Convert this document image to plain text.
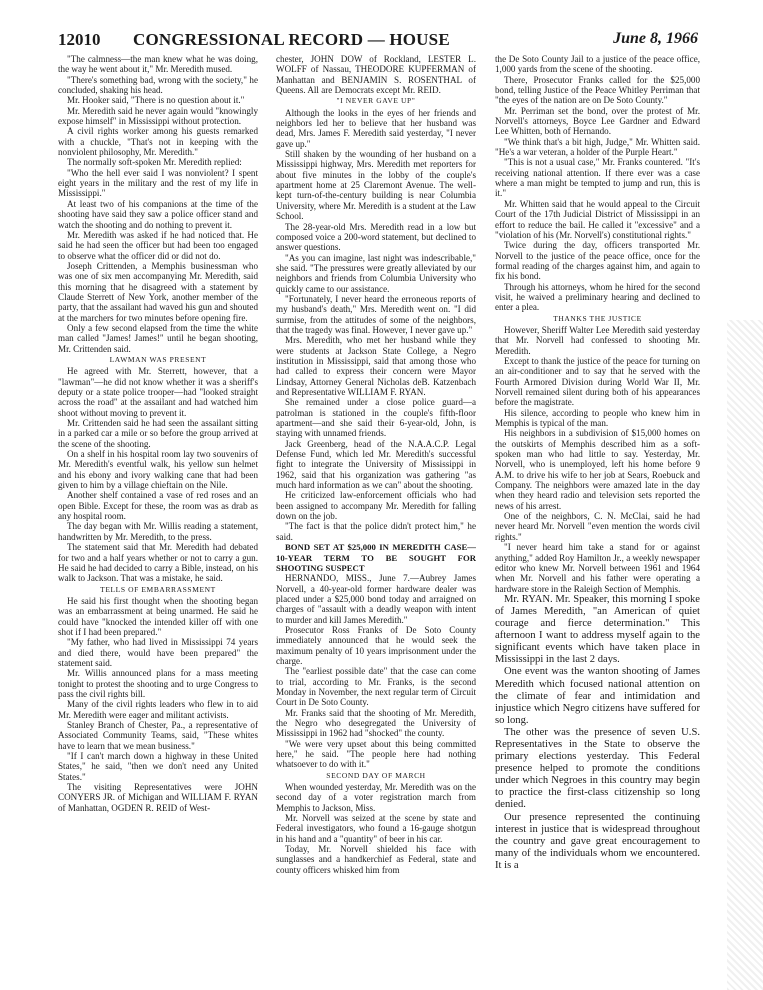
12010 CONGRESSIONAL RECORD — HOUSE	June 8, 1966

"The calmness—the man knew what he was doing, the way he went about it," Mr. Meredith mused.

"There's something bad, wrong with the society," he concluded, shaking his head.

Mr. Hooker said, "There is no question about it."

Mr. Meredith said he never again would "knowingly expose himself" in Mississippi without protection.

A civil rights worker among his guests remarked with a chuckle, "That's not in keeping with the nonviolent philosophy, Mr. Meredith."

The normally soft-spoken Mr. Meredith replied:

"Who the hell ever said I was nonviolent? I spent eight years in the military and the rest of my life in Mississippi."

At least two of his companions at the time of the shooting have said they saw a police officer stand and watch the shooting and do nothing to prevent it.

Mr. Meredith was asked if he had noticed that. He said he had seen the officer but had been too engaged to observe what the officer did or did not do.

Joseph Crittenden, a Memphis businessman who was one of six men accompanying Mr. Meredith, said this morning that he disagreed with a statement by Claude Sterrett of New York, another member of the party, that the assailant had waved his gun and shouted at the marchers for two minutes before opening fire.

Only a few second elapsed from the time the white man called "James! James!" until he began shooting, Mr. Crittenden said.

LAWMAN WAS PRESENT

He agreed with Mr. Sterrett, however, that a "lawman"—he did not know whether it was a sheriff's deputy or a state police trooper—had "looked straight across the road" at the assailant and had watched him shoot without moving to prevent it.

Mr. Crittenden said he had seen the assailant sitting in a parked car a mile or so before the group arrived at the scene of the shooting.

On a shelf in his hospital room lay two souvenirs of Mr. Meredith's eventful walk, his yellow sun helmet and his ebony and ivory walking cane that had been given to him by a village chieftain on the Nile.

Another shelf contained a vase of red roses and an open Bible. Except for these, the room was as drab as any hospital room.

The day began with Mr. Willis reading a statement, handwritten by Mr. Meredith, to the press.

The statement said that Mr. Meredith had debated for two and a half years whether or not to carry a gun. He said he had decided to carry a Bible, instead, on his walk to Jackson. That was a mistake, he said.

TELLS OF EMBARRASSMENT

He said his first thought when the shooting began was an embarrassment at being unarmed. He said he could have "knocked the intended killer off with one shot if I had been prepared."

"My father, who had lived in Mississippi 74 years and died there, would have been prepared" the statement said.

Mr. Willis announced plans for a mass meeting tonight to protest the shooting and to urge Congress to pass the civil rights bill.

Many of the civil rights leaders who flew in to aid Mr. Meredith were eager and militant activists.

Stanley Branch of Chester, Pa., a representative of Associated Community Teams, said, "These whites have to learn that we mean business."

"If I can't march down a highway in these United States," he said, "then we don't need any United States."

The visiting Representatives were JOHN CONYERS JR. of Michigan and WILLIAM F. RYAN of Manhattan, OGDEN R. REID of West-

chester, JOHN DOW of Rockland, LESTER L. WOLFF of Nassau, THEODORE KUPFERMAN of Manhattan and BENJAMIN S. ROSENTHAL of Queens. All are Democrats except Mr. REID.

"I NEVER GAVE UP"

Although the looks in the eyes of her friends and neighbors led her to believe that her husband was dead, Mrs. James F. Meredith said yesterday, "I never gave up."

Still shaken by the wounding of her husband on a Mississippi highway, Mrs. Meredith met reporters for about five minutes in the lobby of the couple's apartment home at 25 Claremont Avenue. The well-kept turn-of-the-century building is near Columbia University, where Mr. Meredith is a student at the Law School.

The 28-year-old Mrs. Meredith read in a low but composed voice a 200-word statement, but declined to answer questions.

"As you can imagine, last night was indescribable," she said. "The pressures were greatly alleviated by our neighbors and friends from Columbia University who quickly came to our assistance.

"Fortunately, I never heard the erroneous reports of my husband's death," Mrs. Meredith went on. "I did surmise, from the attitudes of some of the neighbors, that the tragedy was final. However, I never gave up."

Mrs. Meredith, who met her husband while they were students at Jackson State College, a Negro institution in Mississippi, said that among those who had called to express their concern were Mayor Lindsay, Attorney General Nicholas deB. Katzenbach and Representative WILLIAM F. RYAN.

She remained under a close police guard—a patrolman is stationed in the couple's fifth-floor apartment—and she said their 6-year-old, John, is staying with unnamed friends.

Jack Greenberg, head of the N.A.A.C.P. Legal Defense Fund, which led Mr. Meredith's successful fight to integrate the University of Mississippi in 1962, said that his organization was gathering "as much hard information as we can" about the shooting.

He criticized law-enforcement officials who had been assigned to accompany Mr. Meredith for falling down on the job.

"The fact is that the police didn't protect him," he said.

BOND SET AT $25,000 IN MEREDITH CASE—10-YEAR TERM TO BE SOUGHT FOR SHOOTING SUSPECT

HERNANDO, MISS., June 7.—Aubrey James Norvell, a 40-year-old former hardware dealer was placed under a $25,000 bond today and arraigned on charges of "assault with a deadly weapon with intent to murder and kill James Meredith."

Prosecutor Ross Franks of De Soto County immediately announced that he would seek the maximum penalty of 10 years imprisonment under the charge.

The "earliest possible date" that the case can come to trial, according to Mr. Franks, is the second Monday in November, the next regular term of Circuit Court in De Soto County.

Mr. Franks said that the shooting of Mr. Meredith, the Negro who desegregated the University of Mississippi in 1962 had "shocked" the county.

"We were very upset about this being committed here," he said. "The people here had nothing whatsoever to do with it."

SECOND DAY OF MARCH

When wounded yesterday, Mr. Meredith was on the second day of a voter registration march from Memphis to Jackson, Miss.

Mr. Norvell was seized at the scene by state and Federal investigators, who found a 16-gauge shotgun in his hand and a "quantity" of beer in his car.

Today, Mr. Norvell shielded his face with sunglasses and a handkerchief as Federal, state and county officers whisked him from

the De Soto County Jail to a justice of the peace office, 1,000 yards from the scene of the shooting.

There, Prosecutor Franks called for the $25,000 bond, telling Justice of the Peace Whitley Perriman that "the eyes of the nation are on De Soto County."

Mr. Perriman set the bond, over the protest of Mr. Norvell's attorneys, Boyce Lee Gardner and Edward Lee Whitten, both of Hernando.

"We think that's a bit high, Judge," Mr. Whitten said. "He's a war veteran, a holder of the Purple Heart."

"This is not a usual case," Mr. Franks countered. "It's receiving national attention. If there ever was a case where a man might be tempted to jump and run, this is it."

Mr. Whitten said that he would appeal to the Circuit Court of the 17th Judicial District of Mississippi in an effort to reduce the bail. He called it "excessive" and a "violation of his (Mr. Norvell's) constitutional rights."

Twice during the day, officers transported Mr. Norvell to the justice of the peace office, once for the formal reading of the charges against him, and again to fix his bond.

Through his attorneys, whom he hired for the second visit, he waived a preliminary hearing and declined to enter a plea.

THANKS THE JUSTICE

However, Sheriff Walter Lee Meredith said yesterday that Mr. Norvell had confessed to shooting Mr. Meredith.

Except to thank the justice of the peace for turning on an air-conditioner and to say that he served with the Fourth Armored Division during World War II, Mr. Norvell remained silent during both of his appearances before the magistrate.

His silence, according to people who knew him in Memphis is typical of the man.

His neighbors in a subdivision of $15,000 homes on the outskirts of Memphis described him as a soft-spoken man who had little to say. Yesterday, Mr. Norvell, who is unemployed, left his home before 9 A.M. to drive his wife to her job at Sears, Roebuck and Company. The neighbors were amazed late in the day when they heard radio and television sets reported the news of his arrest.

One of the neighbors, C. N. McClai, said he had never heard Mr. Norvell "even mention the words civil rights."

"I never heard him take a stand for or against anything," added Roy Hamilton Jr., a weekly newspaper editor who knew Mr. Norvell between 1961 and 1964 when Mr. Norvell and his father were operating a hardware store in the Raleigh Section of Memphis.

Mr. RYAN. Mr. Speaker, this morning I spoke of James Meredith, "an American of quiet courage and fierce determination." This afternoon I want to address myself again to the significant events which have taken place in Mississippi in the last 2 days.

One event was the wanton shooting of James Meredith which focused national attention on the climate of fear and intimidation and injustice which Negro citizens have suffered for so long.

The other was the presence of seven U.S. Representatives in the State to observe the primary elections yesterday. This Federal presence helped to promote the conditions under which Negroes in this country may begin to practice the first-class citizenship so long denied.

Our presence represented the continuing interest in justice that is widespread throughout the country and gave great encouragement to many of the individuals whom we encountered. It is a
